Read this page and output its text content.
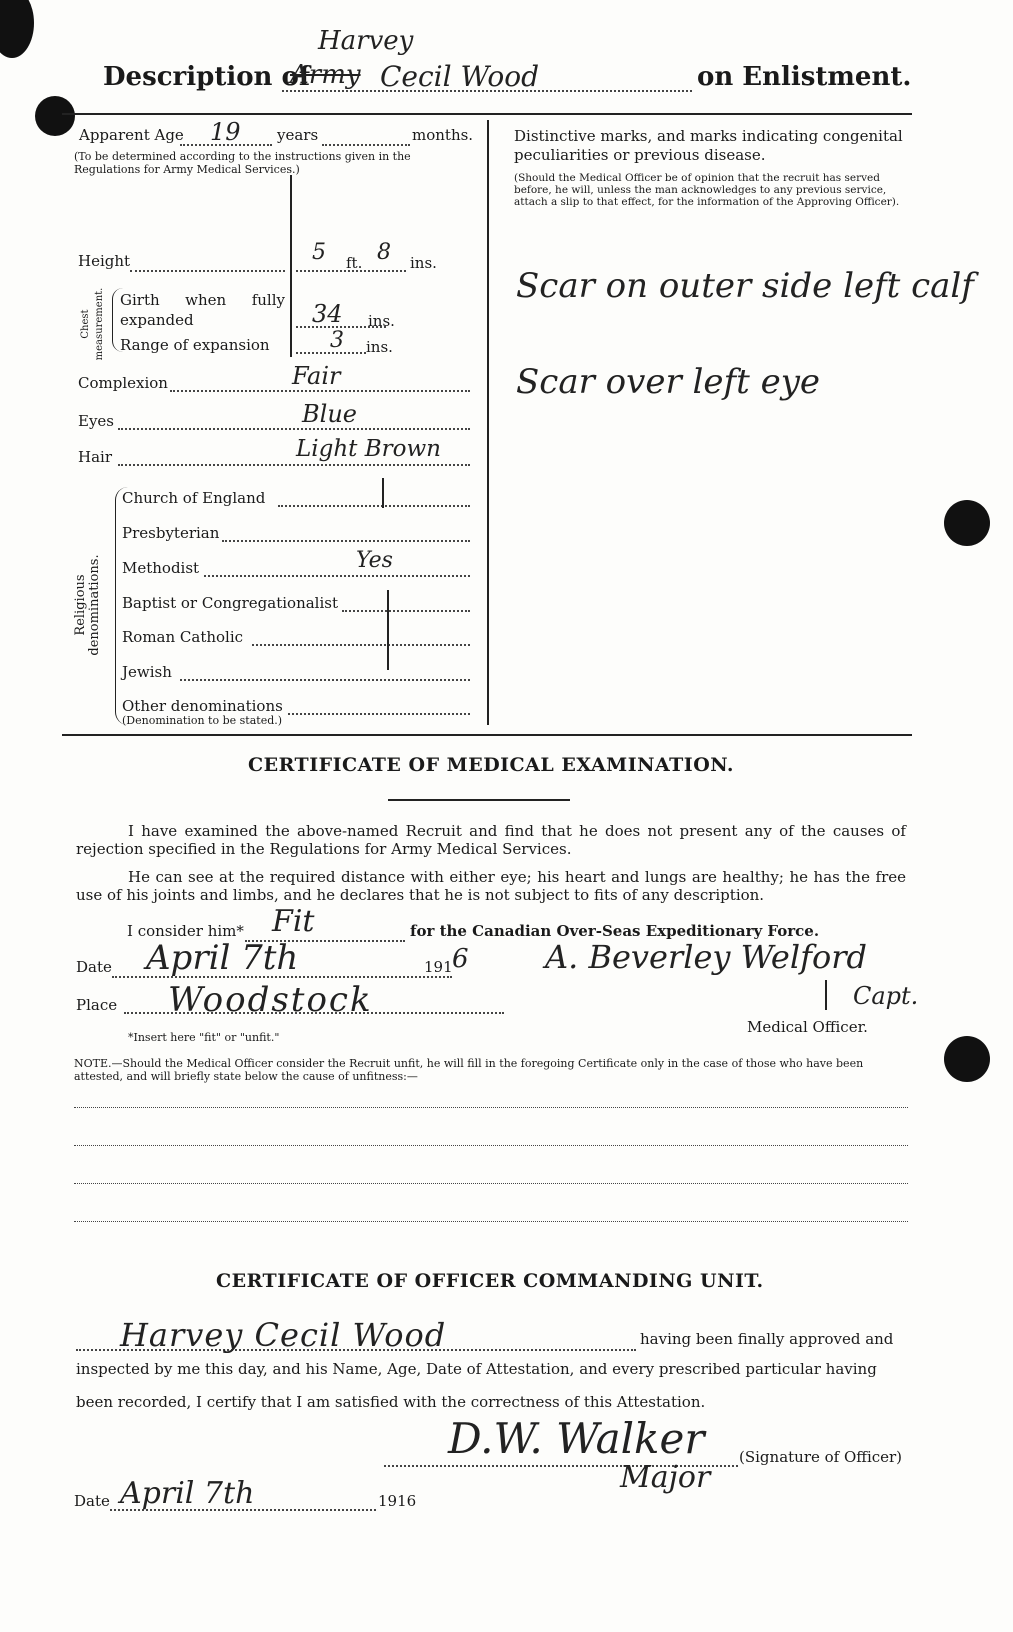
Description of
Harvey
Army Cecil Wood	on Enlistment.
Apparent Age 19 years	months.
(To be determined according to the instructions given in the Regulations for Army Medical Services.)
Height	5 ft. 8 ins.
Chest measurement. Girth when fully expanded	34 ins.
Range of expansion	3 ins.
Complexion	Fair
Eyes	Blue
Hair	Light Brown
Religious denominations.
Church of England
Presbyterian
Methodist	Yes
Baptist or Congregationalist
Roman Catholic
Jewish
Other denominations
(Denomination to be stated.)
Distinctive marks, and marks indicating congenital peculiarities or previous disease.
(Should the Medical Officer be of opinion that the recruit has served before, he will, unless the man acknowledges to any previous service, attach a slip to that effect, for the information of the Approving Officer).
Scar on outer side left calf
Scar over left eye
CERTIFICATE OF MEDICAL EXAMINATION.
I have examined the above-named Recruit and find that he does not present any of the causes of rejection specified in the Regulations for Army Medical Services.
He can see at the required distance with either eye; his heart and lungs are healthy; he has the free use of his joints and limbs, and he declares that he is not subject to fits of any description.
I consider him* Fit	for the Canadian Over-Seas Expeditionary Force.
Date April 7th	191 6 A. Beverley Welford
Place Woodstock	Capt.
Medical Officer.
*Insert here "fit" or "unfit."
NOTE.—Should the Medical Officer consider the Recruit unfit, he will fill in the foregoing Certificate only in the case of those who have been attested, and will briefly state below the cause of unfitness:—
CERTIFICATE OF OFFICER COMMANDING UNIT.
Harvey Cecil Wood	having been finally approved and
inspected by me this day, and his Name, Age, Date of Attestation, and every prescribed particular having
been recorded, I certify that I am satisfied with the correctness of this Attestation.
D.W. Walker (Signature of Officer)
Major
Date April 7th	1916
